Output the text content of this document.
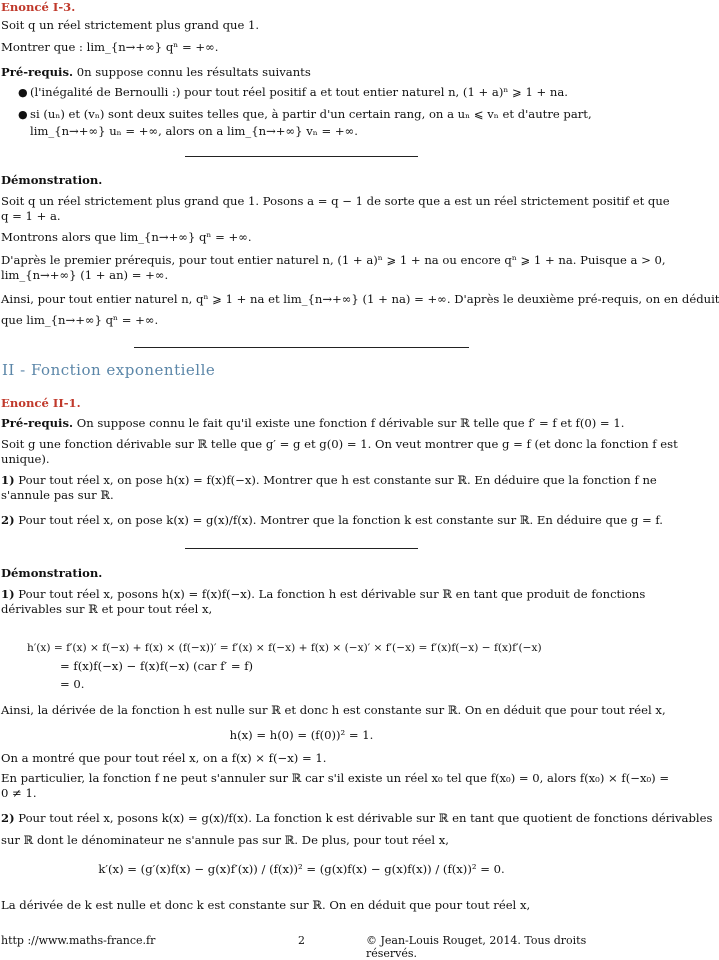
Enoncé I-3.
Soit q un réel strictement plus grand que 1.
Montrer que : lim_{n→+∞} qⁿ = +∞.
Pré-requis. 0n suppose connu les résultats suivants
● (l'inégalité de Bernoulli :) pour tout réel positif a et tout entier naturel n, (1 + a)ⁿ ⩾ 1 + na.
● si (uₙ) et (vₙ) sont deux suites telles que, à partir d'un certain rang, on a uₙ ⩽ vₙ et d'autre part,
lim_{n→+∞} uₙ = +∞, alors on a lim_{n→+∞} vₙ = +∞.
Démonstration.
Soit q un réel strictement plus grand que 1. Posons a = q − 1 de sorte que a est un réel strictement positif et que
q = 1 + a.
Montrons alors que lim_{n→+∞} qⁿ = +∞.
D'après le premier prérequis, pour tout entier naturel n, (1 + a)ⁿ ⩾ 1 + na ou encore qⁿ ⩾ 1 + na. Puisque a > 0,
lim_{n→+∞} (1 + an) = +∞.
Ainsi, pour tout entier naturel n, qⁿ ⩾ 1 + na et lim_{n→+∞} (1 + na) = +∞. D'après le deuxième pré-requis, on en déduit
que lim_{n→+∞} qⁿ = +∞.
II - Fonction exponentielle
Enoncé II-1.
Pré-requis. On suppose connu le fait qu'il existe une fonction f dérivable sur ℝ telle que f′ = f et f(0) = 1.
Soit g une fonction dérivable sur ℝ telle que g′ = g et g(0) = 1. On veut montrer que g = f (et donc la fonction f est
unique).
1) Pour tout réel x, on pose h(x) = f(x)f(−x). Montrer que h est constante sur ℝ. En déduire que la fonction f ne
s'annule pas sur ℝ.
2) Pour tout réel x, on pose k(x) = g(x)/f(x). Montrer que la fonction k est constante sur ℝ. En déduire que g = f.
Démonstration.
1) Pour tout réel x, posons h(x) = f(x)f(−x). La fonction h est dérivable sur ℝ en tant que produit de fonctions
dérivables sur ℝ et pour tout réel x,
h′(x) = f′(x) × f(−x) + f(x) × (f(−x))′ = f′(x) × f(−x) + f(x) × (−x)′ × f′(−x) = f′(x)f(−x) − f(x)f′(−x)
= f(x)f(−x) − f(x)f(−x) (car f′ = f)
= 0.
Ainsi, la dérivée de la fonction h est nulle sur ℝ et donc h est constante sur ℝ. On en déduit que pour tout réel x,
h(x) = h(0) = (f(0))² = 1.
On a montré que pour tout réel x, on a f(x) × f(−x) = 1.
En particulier, la fonction f ne peut s'annuler sur ℝ car s'il existe un réel x₀ tel que f(x₀) = 0, alors f(x₀) × f(−x₀) =
0 ≠ 1.
2) Pour tout réel x, posons k(x) = g(x)/f(x). La fonction k est dérivable sur ℝ en tant que quotient de fonctions dérivables
sur ℝ dont le dénominateur ne s'annule pas sur ℝ. De plus, pour tout réel x,
k′(x) = (g′(x)f(x) − g(x)f′(x)) / (f(x))² = (g(x)f(x) − g(x)f(x)) / (f(x))² = 0.
La dérivée de k est nulle et donc k est constante sur ℝ. On en déduit que pour tout réel x,
http ://www.maths-france.fr	2	© Jean-Louis Rouget, 2014. Tous droits réservés.
